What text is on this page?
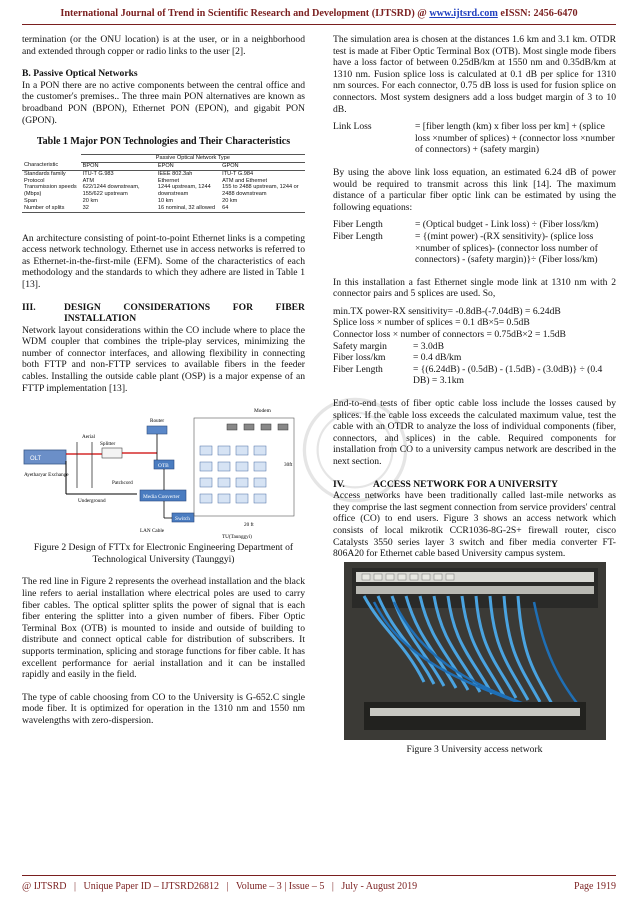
International Journal of Trend in Scientific Research and Development (IJTSRD) @ www.ijtsrd.com eISSN: 2456-6470

termination (or the ONU location) is at the user, or in a neighborhood and extended through copper or radio links to the user [2].

B. Passive Optical Networks

In a PON there are no active components between the central office and the customer's premises.. The three main PON alternatives are known as broadband PON (BPON), Ethernet PON (EPON), and gigabit PON (GPON).

Table 1 Major PON Technologies and Their Characteristics
	Passive Optical Network Type		
Characteristic	BPON	EPON	GPON
Standards family	ITU-T G.983	IEEE 802.3ah	ITU-T G.984
Protocol	ATM	Ethernet	ATM and Ethernet
Transmission speeds (Mbps)	622/1244 downstream, 155/622 upstream	1244 upstream, 1244 downstream	155 to 2488 upstream, 1244 or 2488 downstream
Span	20 km	10 km	20 km
Number of splits	32	16 nominal, 32 allowed	64

An architecture consisting of point-to-point Ethernet links is a competing access network technology. Ethernet use in access networks is referred to as Ethernet-in-the-first-mile (EFM). Some of the characteristics of each methodology and the standards to which they adhere are listed in Table 1 [13].

III.	DESIGN CONSIDERATIONS FOR FIBER INSTALLATION

Network layout considerations within the CO include where to place the WDM coupler that combines the triple-play services, minimizing the number of connector interfaces, and allowing flexibility in connecting both FTTP and non-FTTP services to available fibers in the feeder cables. Installing the outside cable plant (OSP) is a major expense of an FTTP implementation [13].

OLT
Ayetharyar Exchange
Aerial
Splitter
Underground
Router
OTB
Patchcord
Media Converter
Switch
LAN Cable
Modem
30ft
20 ft
TU(Taunggyi)

Figure 2 Design of FTTx for Electronic Engineering Department of Technological University (Taunggyi)

The red line in Figure 2 represents the overhead installation and the black line refers to aerial installation where electrical poles are used to carry fiber cables. The optical splitter splits the power of signal that is each fiber entering the splitter into a given number of fibers. Fiber Optic Terminal Box (OTB) is mounted to inside and outside of building to distribute and connect optical cable for distribution of subscribers. It supports termination, splicing and storage functions for fiber cable. It has excellent performance for aerial installation and it can be installed rapidly and easily in the field.

The type of cable choosing from CO to the University is G-652.C single mode fiber. It is optimized for operation in the 1310 nm and 1550 nm wavelengths with zero-dispersion.

The simulation area is chosen at the distances 1.6 km and 3.1 km. OTDR test is made at Fiber Optic Terminal Box (OTB). Most single mode fibers have a loss factor of between 0.25dB/km at 1550 nm and 0.35dB/km at 1310 nm. Fusion splice loss is calculated at 0.1 dB per splice for 1310 nm sources. For each connector, 0.75 dB loss is used for fusion splice on connectors. Most system designers add a loss budget margin of 3 to 10 dB.

Link Loss	= [fiber length (km) x fiber loss per km] + (splice loss ×number of splices) + (connector loss ×number of connectors) + (safety margin)

By using the above link loss equation, an estimated 6.24 dB of power would be required to transmit across this link [14]. The maximum distance of a particular fiber optic link can be estimated by using the following equations:

Fiber Length	= (Optical budget - Link loss) ÷ (Fiber loss/km)
Fiber Length	= {(mint power) -(RX sensitivity)- (splice loss ×number of splices)- (connector loss number of connectors) - (safety margin)}÷ (Fiber loss/km)

In this installation a fast Ethernet single mode link at 1310 nm with 2 connector pairs and 5 splices are used. So,

min.TX power-RX sensitivity= -0.8dB-(-7.04dB) = 6.24dB

Splice loss × number of splices = 0.1 dB×5= 0.5dB

Connector loss × number of connectors = 0.75dB×2 = 1.5dB

Safety margin	= 3.0dB
Fiber loss/km	= 0.4 dB/km
Fiber Length	= {(6.24dB) - (0.5dB) - (1.5dB) - (3.0dB)} ÷ (0.4 DB) = 3.1km

End-to-end tests of fiber optic cable loss include the losses caused by splices. If the cable loss exceeds the calculated maximum value, test the cable with an OTDR to analyze the loss of individual components (fiber, connectors, and splices) in the cable. Required components for installation from CO to a university campus network are described in the next section.

IV.	ACCESS NETWORK FOR A UNIVERSITY

Access networks have been traditionally called last-mile networks as they comprise the last segment connection from service providers' central office (CO) to end users. Figure 3 shows an access network which consists of local mikrotik CCR1036-8G-2S+ firewall router, cisco Catalysts 3550 series layer 3 switch and fiber media converter FT-806A20 for Ethernet cable based University campus system.

Figure 3 University access network

@ IJTSRD   |   Unique Paper ID – IJTSRD26812   |   Volume – 3 | Issue – 5   |   July - August 2019	Page 1919
